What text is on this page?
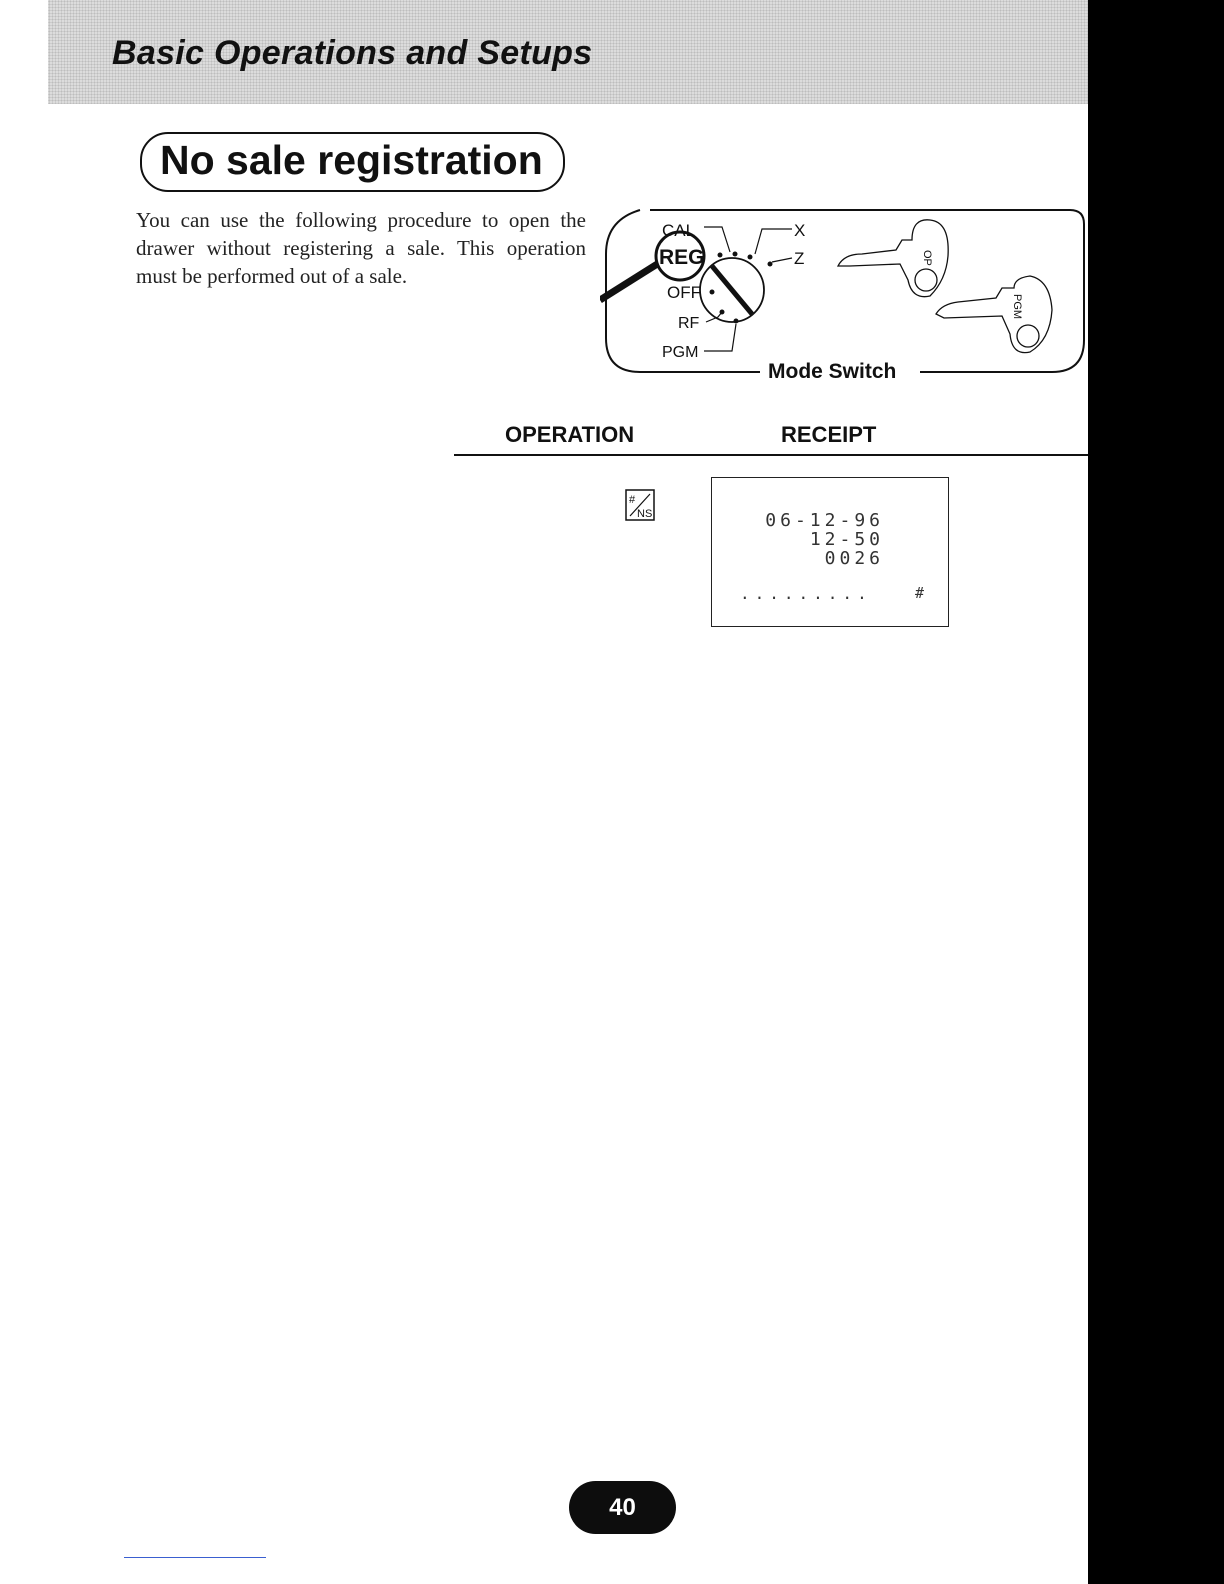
Basic Operations and Setups
No sale registration

You can use the following procedure to open the drawer without registering a sale. This operation must be performed out of a sale.

CAL
REG
OFF
RF
PGM
X
Z	OP
PGM
Mode Switch

OPERATION	RECEIPT

#
NS	06-12-96
12-50
0026
.........	#
40
